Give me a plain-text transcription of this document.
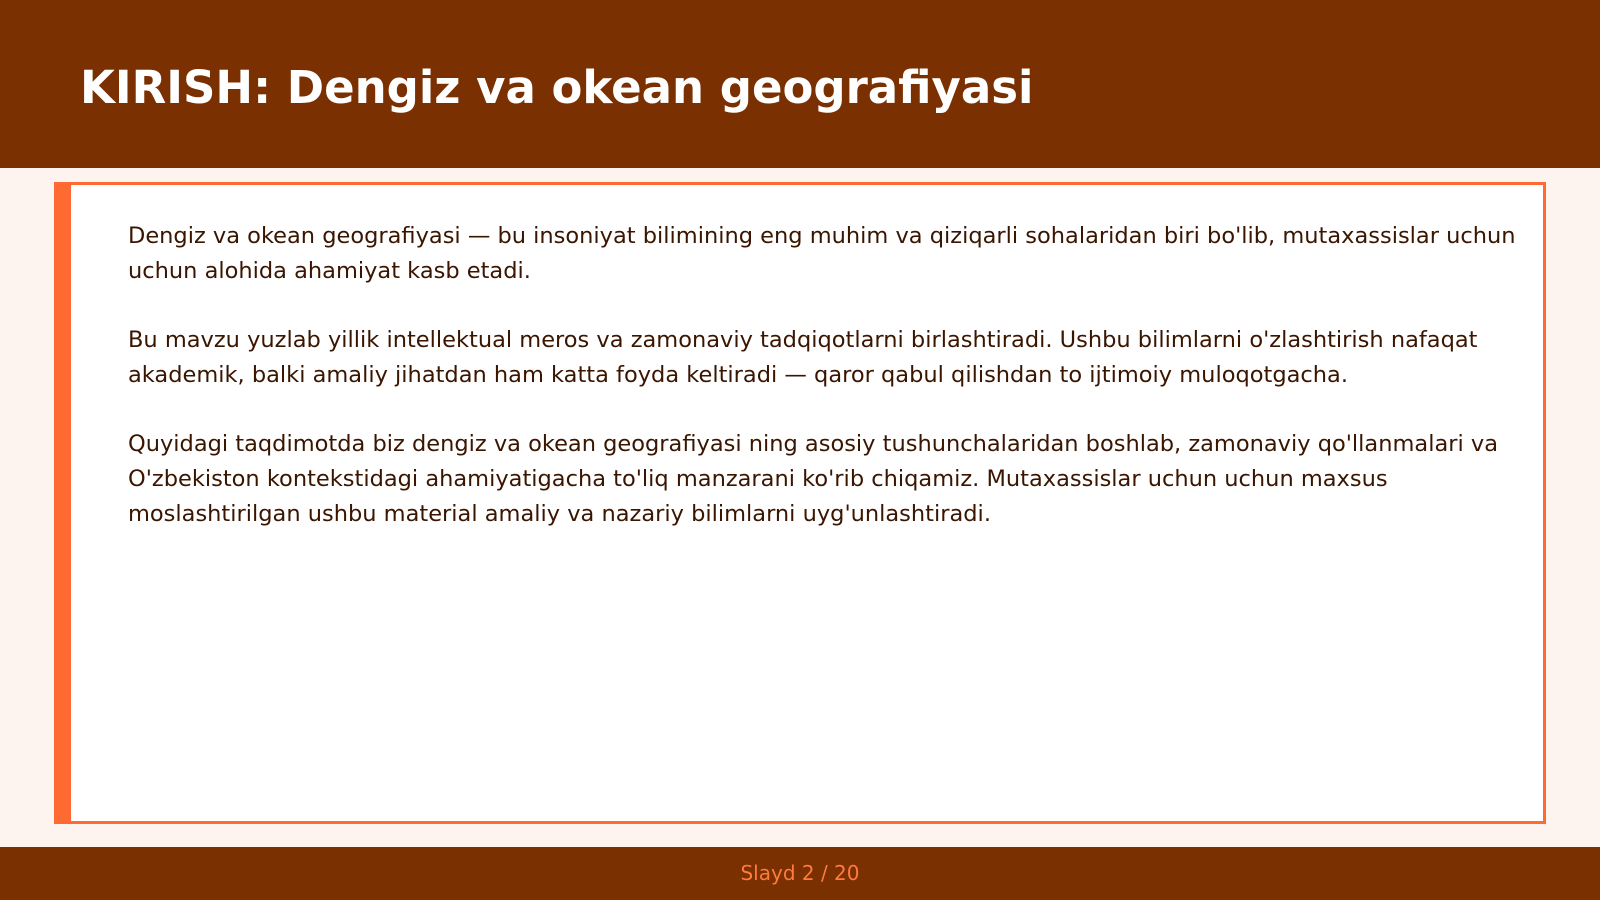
KIRISH: Dengiz va okean geografiyasi

Dengiz va okean geografiyasi — bu insoniyat bilimining eng muhim va qiziqarli sohalaridan biri bo'lib, mutaxassislar uchun uchun alohida ahamiyat kasb etadi.

Bu mavzu yuzlab yillik intellektual meros va zamonaviy tadqiqotlarni birlashtiradi. Ushbu bilimlarni o'zlashtirish nafaqat akademik, balki amaliy jihatdan ham katta foyda keltiradi — qaror qabul qilishdan to ijtimoiy muloqotgacha.

Quyidagi taqdimotda biz dengiz va okean geografiyasi ning asosiy tushunchalaridan boshlab, zamonaviy qo'llanmalari va O'zbekiston kontekstidagi ahamiyatigacha to'liq manzarani ko'rib chiqamiz. Mutaxassislar uchun uchun maxsus moslashtirilgan ushbu material amaliy va nazariy bilimlarni uyg'unlashtiradi.

Slayd 2 / 20
